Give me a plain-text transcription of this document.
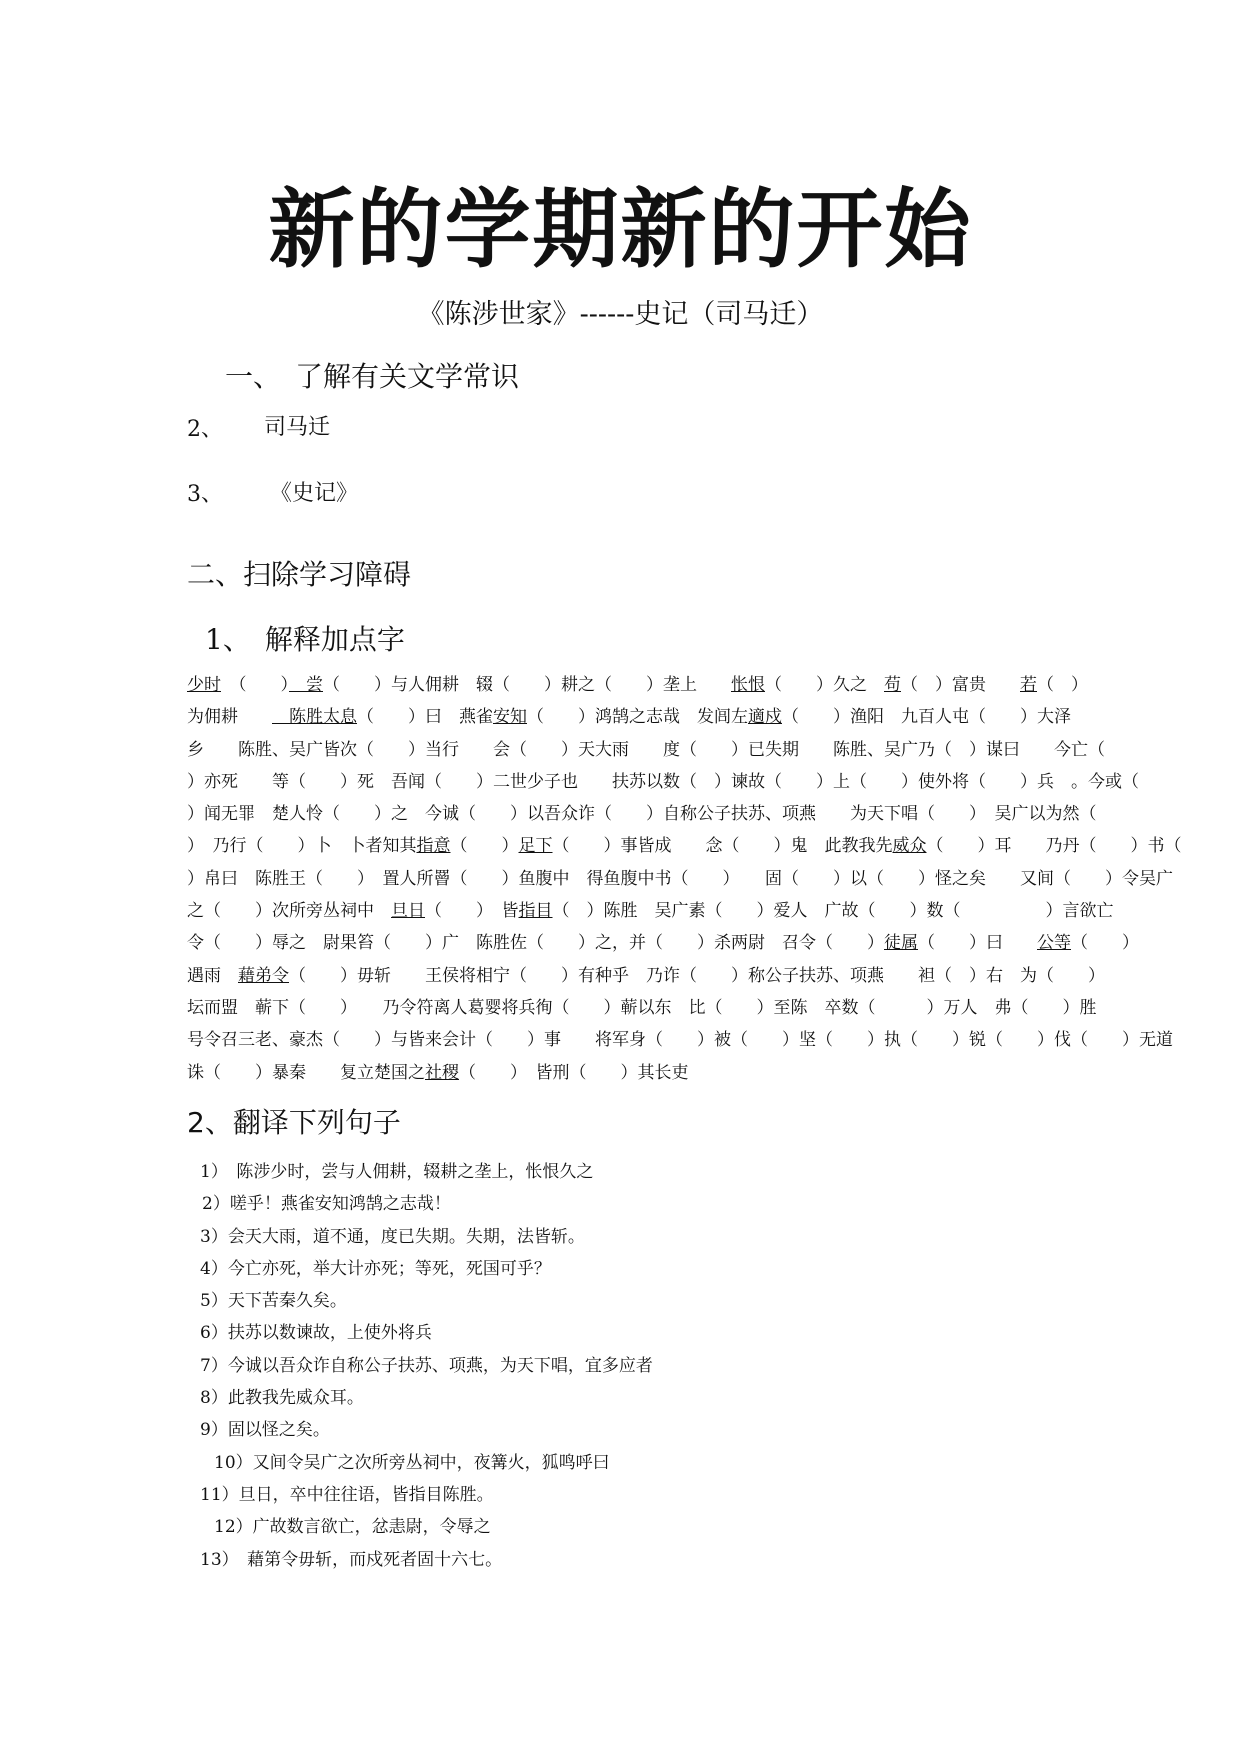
新的学期新的开始
《陈涉世家》------史记（司马迁）
一、　了解有关文学常识
2、 司马迁
3、 《史记》
二、扫除学习障碍
1、　解释加点字

少时　（　　）　尝（　　）与人佣耕　辍（　　）耕之（　　）垄上　　怅恨（　　）久之　苟（　）富贵　　若（　）

为佣耕　　　陈胜太息（　　）曰　燕雀安知（　　）鸿鹄之志哉　发闾左適戍（　　）渔阳　九百人屯（　　）大泽

乡　　陈胜、吴广皆次（　　）当行　　会（　　）天大雨　　度（　　）已失期　　陈胜、吴广乃（　）谋曰　　今亡（

）亦死　　等（　　）死　吾闻（　　）二世少子也　　扶苏以数（　）谏故（　　）上（　　）使外将（　　）兵　。今或（

）闻无罪　楚人怜（　　）之　今诚（　　）以吾众诈（　　）自称公子扶苏、项燕　　为天下唱（　　）　吴广以为然（

）　乃行（　　）卜　卜者知其指意（　　）足下（　　）事皆成　　念（　　）鬼　此教我先威众（　　）耳　　乃丹（　　）书（

）帛曰　陈胜王（　　）　置人所罾（　　）鱼腹中　得鱼腹中书（　　）　　固（　　）以（　　）怪之矣　　又间（　　）令吴广

之（　　）次所旁丛祠中　旦日（　　）　皆指目（　）陈胜　吴广素（　　）爱人　广故（　　）数（　　　　　）言欲亡

令（　　）辱之　尉果笞（　　）广　陈胜佐（　　）之，并（　　）杀两尉　召令（　　）徒属（　　）曰　　公等（　　）

遇雨　藉弟令（　　）毋斩　　王侯将相宁（　　）有种乎　乃诈（　　）称公子扶苏、项燕　　袒（　）右　为（　　）

坛而盟　蕲下（　　）　　乃令符离人葛婴将兵徇（　　）蕲以东　比（　　）至陈　卒数（　　　）万人　弗（　　）胜

号令召三老、豪杰（　　）与皆来会计（　　）事　　将军身（　　）被（　　）坚（　　）执（　　）锐（　　）伐（　　）无道

诛（　　）暴秦　　复立楚国之社稷（　　）　皆刑（　　）其长吏

2、翻译下列句子

1）　陈涉少时，尝与人佣耕，辍耕之垄上，怅恨久之

2）嗟乎！燕雀安知鸿鹄之志哉！

3）会天大雨，道不通，度已失期。失期，法皆斩。

4）今亡亦死，举大计亦死；等死，死国可乎？

5）天下苦秦久矣。

6）扶苏以数谏故，上使外将兵

7）今诚以吾众诈自称公子扶苏、项燕，为天下唱，宜多应者

8）此教我先威众耳。

9）固以怪之矣。

10）又间令吴广之次所旁丛祠中，夜篝火，狐鸣呼曰

11）旦日，卒中往往语，皆指目陈胜。

12）广故数言欲亡，忿恚尉，令辱之

13）　藉第令毋斩，而戍死者固十六七。
